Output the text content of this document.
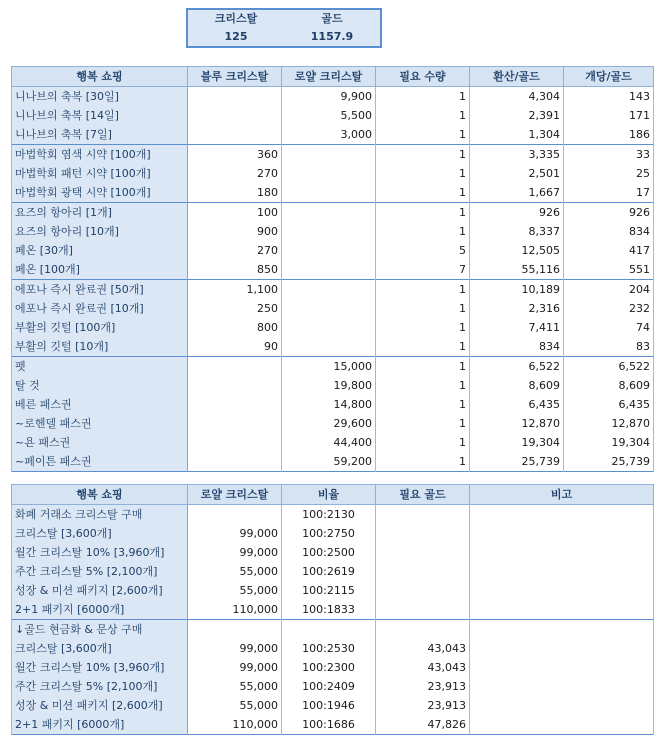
크리스탈	골드
125	1157.9
행복 쇼핑	블루 크리스탈	로얄 크리스탈	필요 수량	환산/골드	개당/골드
니나브의 축복 [30일]		9,900	1	4,304	143
니나브의 축복 [14일]		5,500	1	2,391	171
니나브의 축복 [7일]		3,000	1	1,304	186
마법학회 염색 시약 [100개]	360		1	3,335	33
마법학회 패턴 시약 [100개]	270		1	2,501	25
마법학회 광택 시약 [100개]	180		1	1,667	17
요즈의 항아리 [1개]	100		1	926	926
요즈의 항아리 [10개]	900		1	8,337	834
페온 [30개]	270		5	12,505	417
페온 [100개]	850		7	55,116	551
에포나 즉시 완료권 [50개]	1,100		1	10,189	204
에포나 즉시 완료권 [10개]	250		1	2,316	232
부활의 깃털 [100개]	800		1	7,411	74
부활의 깃털 [10개]	90		1	834	83
펫		15,000	1	6,522	6,522
탈 것		19,800	1	8,609	8,609
베른 패스권		14,800	1	6,435	6,435
~로헨델 패스권		29,600	1	12,870	12,870
~욘 패스권		44,400	1	19,304	19,304
~페이튼 패스권		59,200	1	25,739	25,739
행복 쇼핑	로얄 크리스탈	비율	필요 골드	비고
화폐 거래소 크리스탈 구매		100:2130		
크리스탈 [3,600개]	99,000	100:2750		
월간 크리스탈 10% [3,960개]	99,000	100:2500		
주간 크리스탈 5% [2,100개]	55,000	100:2619		
성장 & 미션 패키지 [2,600개]	55,000	100:2115		
2+1 패키지 [6000개]	110,000	100:1833		
↓골드 현금화 & 문상 구매				
크리스탈 [3,600개]	99,000	100:2530	43,043	
월간 크리스탈 10% [3,960개]	99,000	100:2300	43,043	
주간 크리스탈 5% [2,100개]	55,000	100:2409	23,913	
성장 & 미션 패키지 [2,600개]	55,000	100:1946	23,913	
2+1 패키지 [6000개]	110,000	100:1686	47,826	
